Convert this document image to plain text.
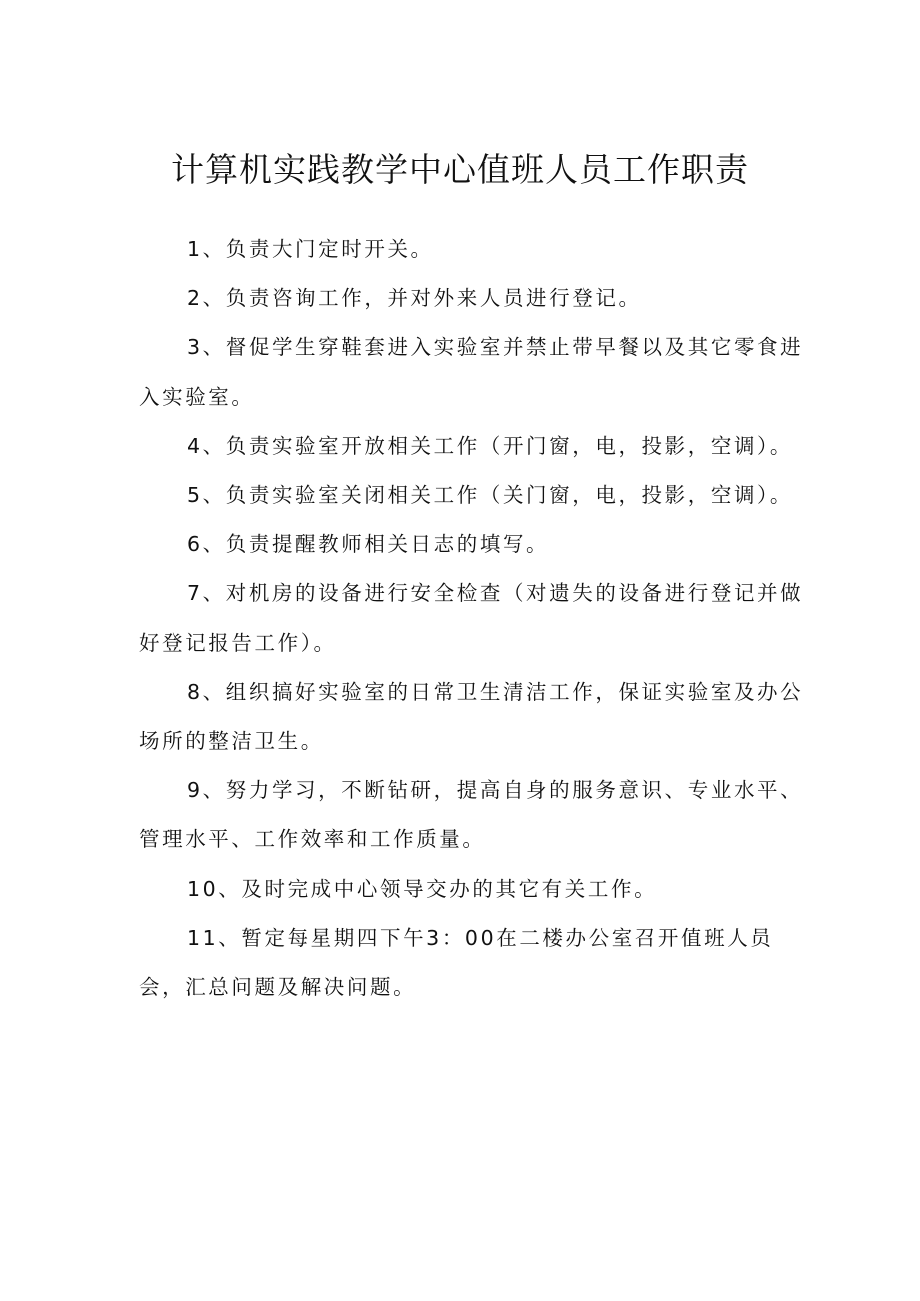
计算机实践教学中心值班人员工作职责
1、负责大门定时开关。
2、负责咨询工作，并对外来人员进行登记。
3、督促学生穿鞋套进入实验室并禁止带早餐以及其它零食进入实验室。
4、负责实验室开放相关工作（开门窗，电，投影，空调）。
5、负责实验室关闭相关工作（关门窗，电，投影，空调）。
6、负责提醒教师相关日志的填写。
7、对机房的设备进行安全检查（对遗失的设备进行登记并做好登记报告工作）。
8、组织搞好实验室的日常卫生清洁工作，保证实验室及办公场所的整洁卫生。
9、努力学习，不断钻研，提高自身的服务意识、专业水平、管理水平、工作效率和工作质量。
10、及时完成中心领导交办的其它有关工作。
11、暂定每星期四下午3：00在二楼办公室召开值班人员会，汇总问题及解决问题。
